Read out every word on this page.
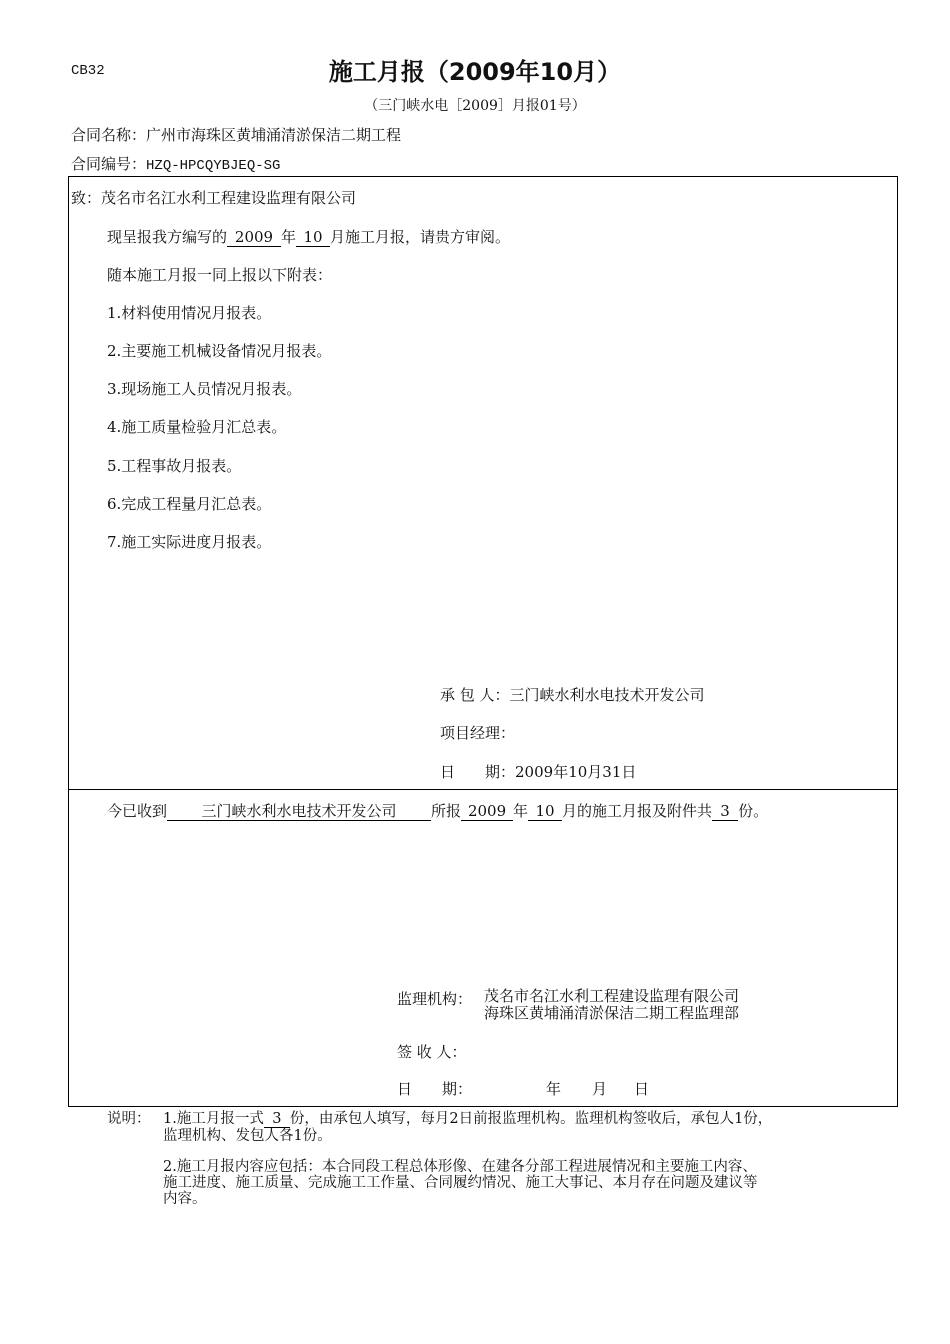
CB32	施工月报（2009年10月）
（三门峡水电［2009］月报01号）
合同名称：广州市海珠区黄埔涌清淤保洁二期工程
合同编号：HZQ-HPCQYBJEQ-SG
致：茂名市名江水利工程建设监理有限公司
现呈报我方编写的 2009 年 10 月施工月报，请贵方审阅。
随本施工月报一同上报以下附表：
1.材料使用情况月报表。
2.主要施工机械设备情况月报表。
3.现场施工人员情况月报表。
4.施工质量检验月汇总表。
5.工程事故月报表。
6.完成工程量月汇总表。
7.施工实际进度月报表。
承 包 人：三门峡水利水电技术开发公司
项目经理：
日　　期：2009年10月31日
今已收到 三门峡水利水电技术开发公司 所报 2009 年 10 月的施工月报及附件共 3 份。
监理机构： 茂名市名江水利工程建设监理有限公司
海珠区黄埔涌清淤保洁二期工程监理部
签 收 人：
日　　期：	年 月 日
说明： 1.施工月报一式 3 份，由承包人填写，每月2日前报监理机构。监理机构签收后，承包人1份，
监理机构、发包人各1份。
2.施工月报内容应包括：本合同段工程总体形像、在建各分部工程进展情况和主要施工内容、
施工进度、施工质量、完成施工工作量、合同履约情况、施工大事记、本月存在问题及建议等
内容。
